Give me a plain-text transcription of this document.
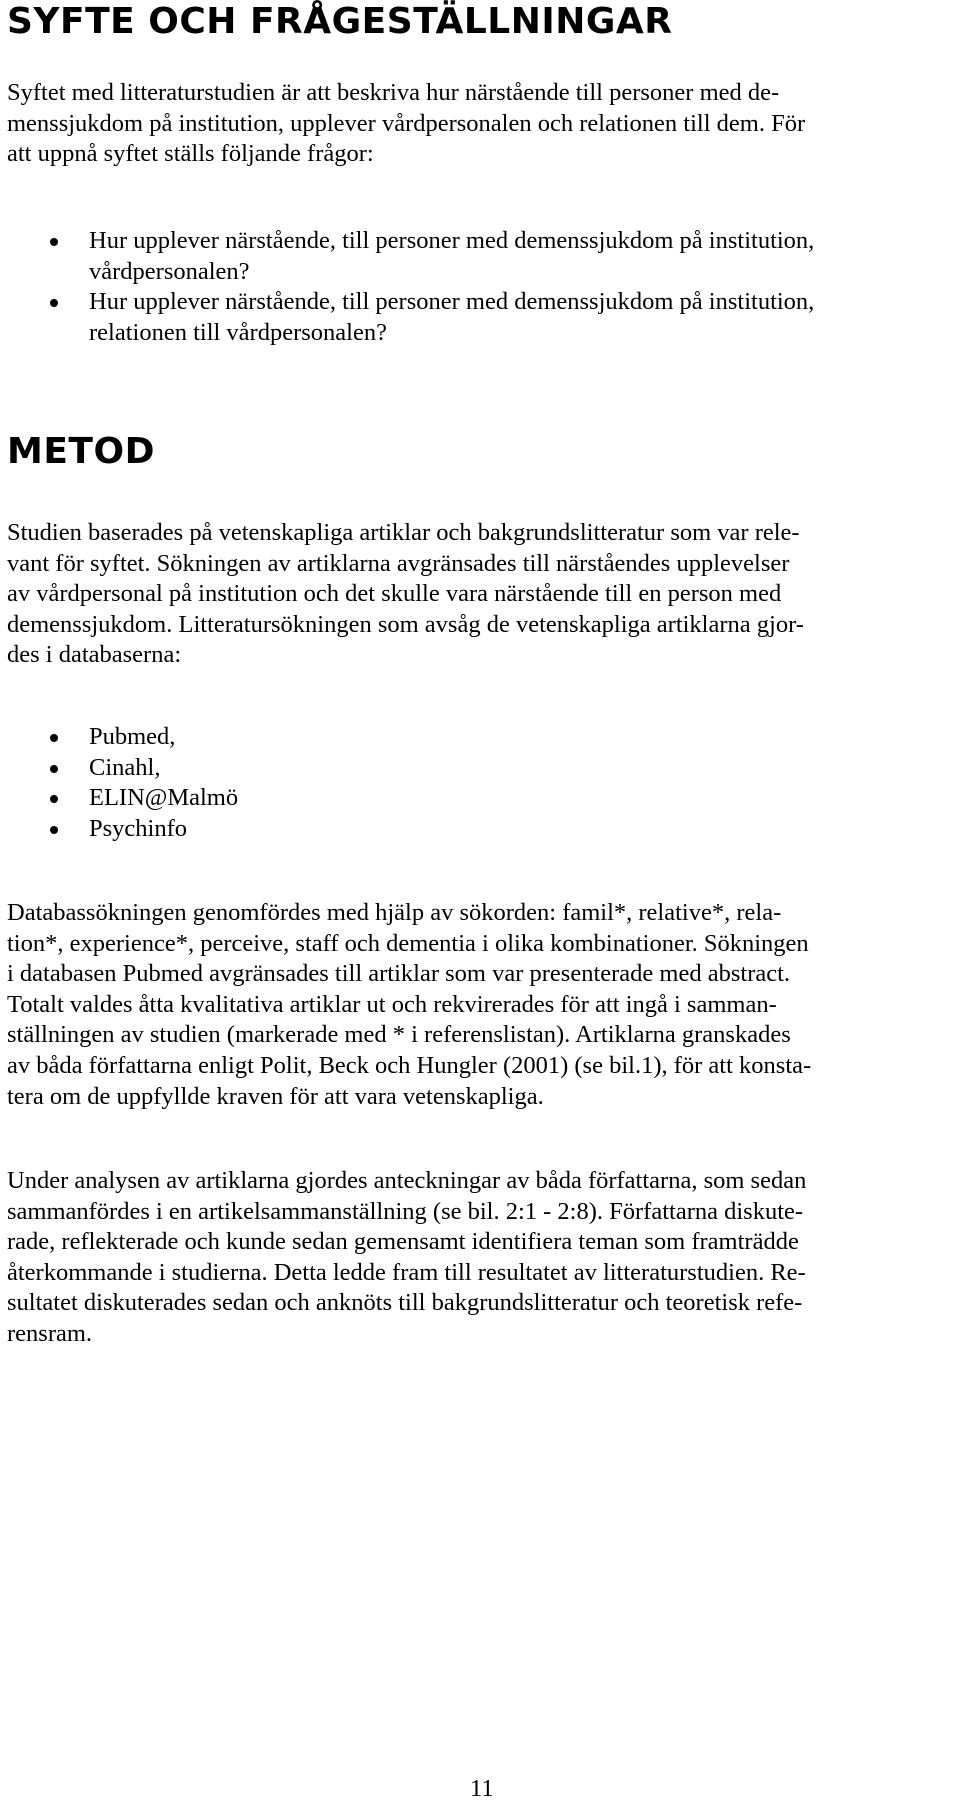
SYFTE OCH FRÅGESTÄLLNINGAR

Syftet med litteraturstudien är att beskriva hur närstående till personer med de-
menssjukdom på institution, upplever vårdpersonalen och relationen till dem. För
att uppnå syftet ställs följande frågor:

Hur upplever närstående, till personer med demenssjukdom på institution,
vårdpersonalen?
Hur upplever närstående, till personer med demenssjukdom på institution,
relationen till vårdpersonalen?
METOD

Studien baserades på vetenskapliga artiklar och bakgrundslitteratur som var rele-
vant för syftet. Sökningen av artiklarna avgränsades till närståendes upplevelser
av vårdpersonal på institution och det skulle vara närstående till en person med
demenssjukdom. Litteratursökningen som avsåg de vetenskapliga artiklarna gjor-
des i databaserna:

Pubmed,
Cinahl,
ELIN@Malmö
Psychinfo

Databassökningen genomfördes med hjälp av sökorden: famil*, relative*, rela-
tion*, experience*, perceive, staff och dementia i olika kombinationer. Sökningen
i databasen Pubmed avgränsades till artiklar som var presenterade med abstract.
Totalt valdes åtta kvalitativa artiklar ut och rekvirerades för att ingå i samman-
ställningen av studien (markerade med * i referenslistan). Artiklarna granskades
av båda författarna enligt Polit, Beck och Hungler (2001) (se bil.1), för att konsta-
tera om de uppfyllde kraven för att vara vetenskapliga.

Under analysen av artiklarna gjordes anteckningar av båda författarna, som sedan
sammanfördes i en artikelsammanställning (se bil. 2:1 - 2:8). Författarna diskute-
rade, reflekterade och kunde sedan gemensamt identifiera teman som framträdde
återkommande i studierna. Detta ledde fram till resultatet av litteraturstudien. Re-
sultatet diskuterades sedan och anknöts till bakgrundslitteratur och teoretisk refe-
rensram.

11
